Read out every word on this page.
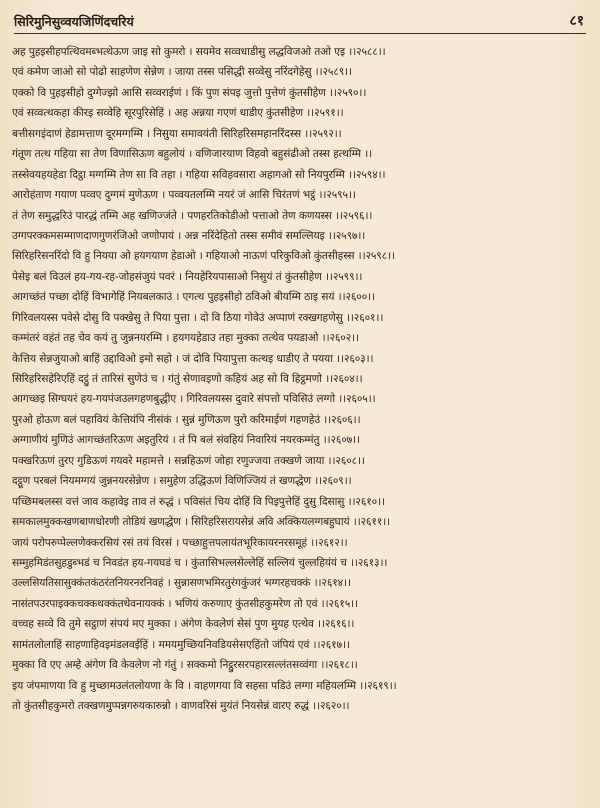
सिरिमुनिसुव्वयजिणिंदचरियं	८१
अह पुहइसीहपत्थिवमब्भत्थेऊण जाइ सो कुमरो । सयमेव सव्वधाडीसु लद्धविजओ तओ एइ ।।२५८८।।
एवं कमेण जाओ सो पोढो साहणेण सेन्नेण । जाया तस्स पसिद्धी सव्वेसु नरिंदगेहेसु ।।२५८९।।
एक्को वि पुहइसीहो दुग्गेज्झो आसि सव्वराईणं । किं पुण संपइ जुत्तो पुत्तेणं कुंतसीहेण ।।२५९०।।
एवं सव्वत्थकहा कीरइ सव्वेहि सूरपुरिसेहिं । अह अन्नया गएणं धाडीए कुंतसीहेण ।।२५९१।।
बत्तीसगइंदाणं हेडामत्ताण दूरमग्गम्मि । निसुया समावयंती सिरिहरिसमहानरिंदस्स ।।२५९२।।
गंतूण तत्थ गहिया सा तेण विणासिऊण बहुलोयं । वणिजारयाण विहवो बहुसंढीओ तस्स हत्थम्मि ।।
तस्सेवयहयहेडा दिट्ठा मग्गम्मि तेण सा वि तहा । गहिया सविहवसारा अहागओ सो नियपुरम्मि ।।२५९४।।
आरोहंताण गयाण पव्वए दुग्गमं मुणेऊण । पव्वयतलम्मि नयरं जं आसि चिरंतणं भट्ठं ।।२५९५।।
तं तेण समुद्धरिउं पारद्धं तम्मि अह खणिज्जंते । पणहरतिकोडीओ पत्ताओ तेण कणयस्स ।।२५९६।।
उग्गपरक्कमसम्माणदाणगुणरंजिओ जणोपायं । अन्न नरिंदेहितो तस्स समीवं समल्लियइ ।।२५९७।।
सिरिहरिसनरिंदो वि हु नियया ओ हयगयाण हेडाओ । गहियाओ नाऊणं परिकुविओ कुंतसीहस्स ।।२५९८।।
पेसेइ बलं विउलं हय-गय-रह-जोहसंजुयं पवरं । नियहेरियपासाओ निसुयं तं कुंतसीहेण ।।२५९९।।
आगच्छंतं पच्छा दोहिं विभागेहिं नियबलकाउं । एगत्थ पुहइसीहो ठविओ बीयम्मि ठाइ सयं ।।२६००।।
गिरिवलयस्स पवेसे दोसु वि पक्खेसु ते पिया पुत्ता । दो वि ठिया गोवेउं अप्पाणं रक्खगहणेसु ।।२६०१।।
कम्मंतरं वहंतं तह चेव कयं तु जुन्ननयरम्मि । हयगयहेडाउ तहा मुक्का तत्थेव पयडाओ ।।२६०२।।
केत्तिय सेन्नजुयाओ बाहिं उद्दाविओ इमो सहो । जं दोवि पियापुत्ता कत्थइ धाडीए ते पयया ।।२६०३।।
सिरिहरिसहेरिएहिं दट्ठुं तं तारिसं सुणेउं च । गंतुं सेणावइणो कहियं अह सो वि हिट्ठमणो ।।२६०४।।
आगच्छइ सिग्घयरं हय-गयपंजउलगहणबुद्धीए । गिरिवलयस्स दुवारे संपत्तो पविसिउं लग्गो ।।२६०५।।
पुरओ होऊण बलं पहावियं केत्तियंपि नीसंकं । सुन्नं मुणिऊण पुरो करिमाईणं गहणहेउं ।।२६०६।।
अग्गाणीयं मुणिउं आगच्छंतरिऊण अइतुरियं । तं पि बलं संवहियं निवारियं नयरकम्मंतु ।।२६०७।।
पक्खरिऊणं तुरए गुडिऊणं गयवरे महामत्ते । सन्नहिऊणं जोहा रणुज्जया तक्खणे जाया ।।२६०८।।
दट्ठूण परबलं नियमग्गयं जुन्ननयरसेन्नेण । समुहेण उद्धिऊणं विणिज्जियं तं खणद्धेण ।।२६०९।।
पच्छिमबलस्स वत्तं जाव कहावेइ ताव तं रुद्धं । पविसंतं चिय दोहिं वि पिइपुत्तेहिं दुसु दिसासु ।।२६१०।।
समकालमुक्कखणबाणधोरणी तोडियं खणद्धेण । सिरिहरिसरायसेन्नं अवि अक्कियलग्गबहुघायं ।।२६११।।
जायं परोपरुप्पेल्लणेक्करसियं रसं तयं विरसं । पच्छाहुत्तपलायंतभूरिकायरनरसमूहं ।।२६१२।।
सम्मुहमिडंतसुहडुब्भडं च निवडंत हय-गयघडं च । कुंतासिभल्लसेल्लेहिं सल्लियं चुल्लहियंयं च ।।२६१३।।
उल्लसियतिसासुक्कंतकंठरंतनियरनरनिवहं । सुन्नासणभमिरतुरंगकुंजरं भग्गरहचक्कं ।।२६१४।।
नासंतपउरपाइक्कचक्कथक्कंतथेवनायक्कं । भणियं करुणाए कुंतसीहकुमरेण तो एवं ।।२६१५।।
वच्चह सव्वे वि तुमे सट्ठाणं संपयं मए मुक्का । अंगेण केवलेणं सेसं पुण मुयह एत्थेव ।।२६१६।।
सामंतलोलाहिं साहणाहिवइमंडलवईहिं । ममयमुच्छियनिवडियसेसएहिंतो जंपियं एवं ।।२६१७।।
मुक्का वि एए अम्हे अंगेण वि केवलेण नो गंतुं । सक्कमो निट्ठुरसरपहारसल्लंतसव्वंगा ।।२६१८।।
इय जंपमाणया वि हु मुच्छामउलंतलोयणा के वि । वाहणगया वि सहसा पडिउं लग्गा महियलम्मि ।।२६१९।।
तो कुंतसीहकुमरो तक्खणमुप्पन्नगरुयकारुन्नो । वाणवरिसं मुयंतं नियसेन्नं वारए रुद्धं ।।२६२०।।
